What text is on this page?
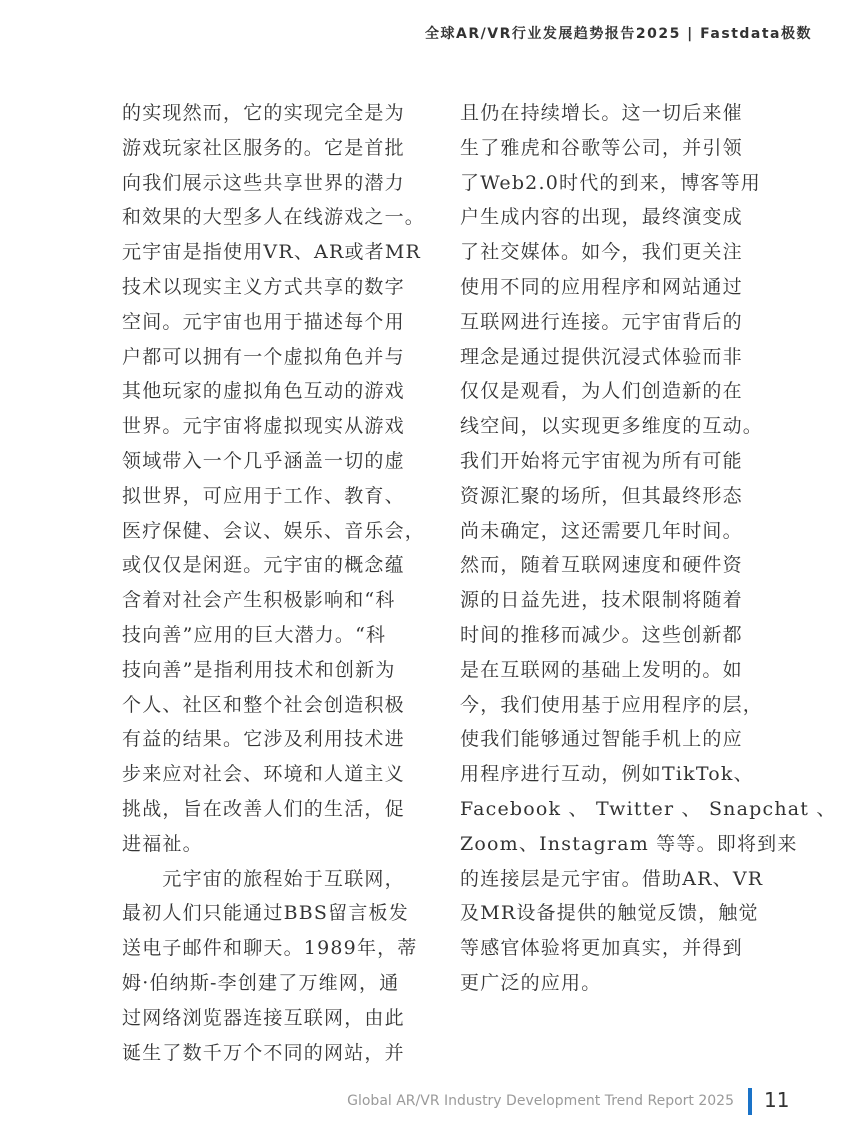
全球AR/VR行业发展趋势报告2025 | Fastdata极数
的实现然而，它的实现完全是为
游戏玩家社区服务的。它是首批
向我们展示这些共享世界的潜力
和效果的大型多人在线游戏之一。
元宇宙是指使用VR、AR或者MR
技术以现实主义方式共享的数字
空间。元宇宙也用于描述每个用
户都可以拥有一个虚拟角色并与
其他玩家的虚拟角色互动的游戏
世界。元宇宙将虚拟现实从游戏
领域带入一个几乎涵盖一切的虚
拟世界，可应用于工作、教育、
医疗保健、会议、娱乐、音乐会，
或仅仅是闲逛。元宇宙的概念蕴
含着对社会产生积极影响和“科
技向善”应用的巨大潜力。“科
技向善”是指利用技术和创新为
个人、社区和整个社会创造积极
有益的结果。它涉及利用技术进
步来应对社会、环境和人道主义
挑战，旨在改善人们的生活，促
进福祉。
　　元宇宙的旅程始于互联网，
最初人们只能通过BBS留言板发
送电子邮件和聊天。1989年，蒂
姆·伯纳斯-李创建了万维网，通
过网络浏览器连接互联网，由此
诞生了数千万个不同的网站，并
且仍在持续增长。这一切后来催
生了雅虎和谷歌等公司，并引领
了Web2.0时代的到来，博客等用
户生成内容的出现，最终演变成
了社交媒体。如今，我们更关注
使用不同的应用程序和网站通过
互联网进行连接。元宇宙背后的
理念是通过提供沉浸式体验而非
仅仅是观看，为人们创造新的在
线空间，以实现更多维度的互动。
我们开始将元宇宙视为所有可能
资源汇聚的场所，但其最终形态
尚未确定，这还需要几年时间。
然而，随着互联网速度和硬件资
源的日益先进，技术限制将随着
时间的推移而减少。这些创新都
是在互联网的基础上发明的。如
今，我们使用基于应用程序的层，
使我们能够通过智能手机上的应
用程序进行互动，例如TikTok、
Facebook 、 Twitter 、 Snapchat 、
Zoom、Instagram 等等。即将到来
的连接层是元宇宙。借助AR、VR
及MR设备提供的触觉反馈，触觉
等感官体验将更加真实，并得到
更广泛的应用。
Global AR/VR Industry Development Trend Report 2025 11
